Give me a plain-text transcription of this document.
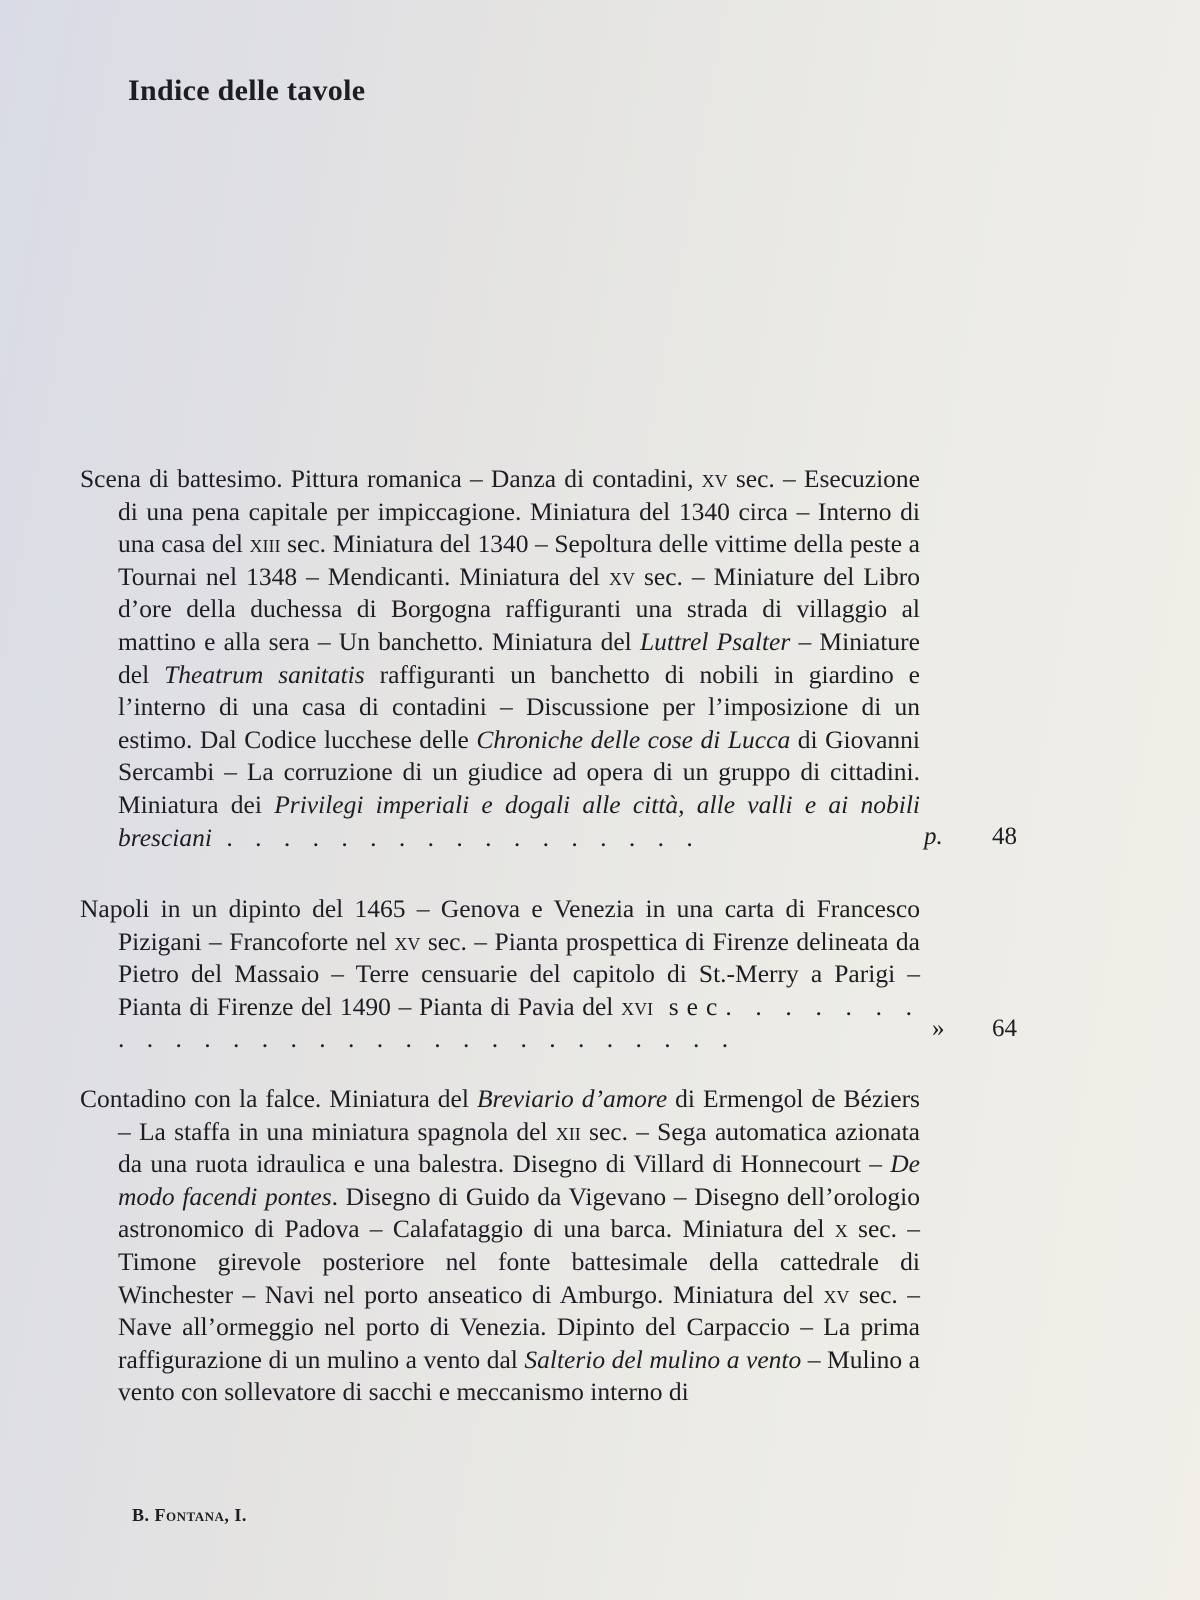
Indice delle tavole

Scena di battesimo. Pittura romanica – Danza di contadini, xv sec. – Esecuzione di una pena capitale per impiccagione. Miniatura del 1340 circa – Interno di una casa del xiii sec. Miniatura del 1340 – Sepoltura delle vittime della peste a Tournai nel 1348 – Mendicanti. Miniatura del xv sec. – Miniature del Libro d’ore della duchessa di Borgogna raffiguranti una strada di villaggio al mattino e alla sera – Un banchetto. Miniatura del Luttrel Psalter – Miniature del Theatrum sanitatis raffiguranti un banchetto di nobili in giardino e l’interno di una casa di contadini – Discussione per l’imposizione di un estimo. Dal Codice lucchese delle Chroniche delle cose di Lucca di Giovanni Sercambi – La corruzione di un giudice ad opera di un gruppo di cittadini. Miniatura dei Privilegi imperiali e dogali alle città, alle valli e ai nobili bresciani . . . . . . . . . . . . . . . . .	p. 48

Napoli in un dipinto del 1465 – Genova e Venezia in una carta di Francesco Pizigani – Francoforte nel xv sec. – Pianta prospettica di Firenze delineata da Pietro del Massaio – Terre censuarie del capitolo di St.-Merry a Parigi – Pianta di Firenze del 1490 – Pianta di Pavia del xvi sec. . . . . . . . . . . . . . . . . . . . . . . . . . . . .	» 64

Contadino con la falce. Miniatura del Breviario d’amore di Ermengol de Béziers – La staffa in una miniatura spagnola del xii sec. – Sega automatica azionata da una ruota idraulica e una balestra. Disegno di Villard di Honnecourt – De modo facendi pontes. Disegno di Guido da Vigevano – Disegno dell’orologio astronomico di Padova – Calafataggio di una barca. Miniatura del x sec. – Timone girevole posteriore nel fonte battesimale della cattedrale di Winchester – Navi nel porto anseatico di Amburgo. Miniatura del xv sec. – Nave all’ormeggio nel porto di Venezia. Dipinto del Carpaccio – La prima raffigurazione di un mulino a vento dal Salterio del mulino a vento – Mulino a vento con sollevatore di sacchi e meccanismo interno di

B. Fontana, I.
